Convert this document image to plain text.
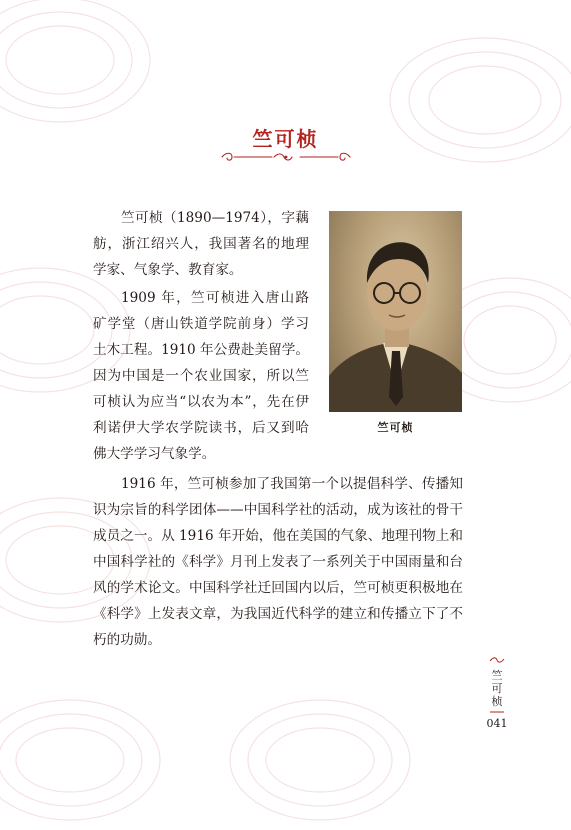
竺可桢

竺可桢（1890—1974），字藕舫，浙江绍兴人，我国著名的地理学家、气象学、教育家。

1909 年，竺可桢进入唐山路矿学堂（唐山铁道学院前身）学习土木工程。1910 年公费赴美留学。因为中国是一个农业国家，所以竺可桢认为应当“以农为本”，先在伊利诺伊大学农学院读书，后又到哈佛大学学习气象学。

1916 年，竺可桢参加了我国第一个以提倡科学、传播知识为宗旨的科学团体——中国科学社的活动，成为该社的骨干成员之一。从 1916 年开始，他在美国的气象、地理刊物上和中国科学社的《科学》月刊上发表了一系列关于中国雨量和台风的学术论文。中国科学社迁回国内以后，竺可桢更积极地在《科学》上发表文章，为我国近代科学的建立和传播立下了不朽的功勋。

竺可桢
竺可桢
041
